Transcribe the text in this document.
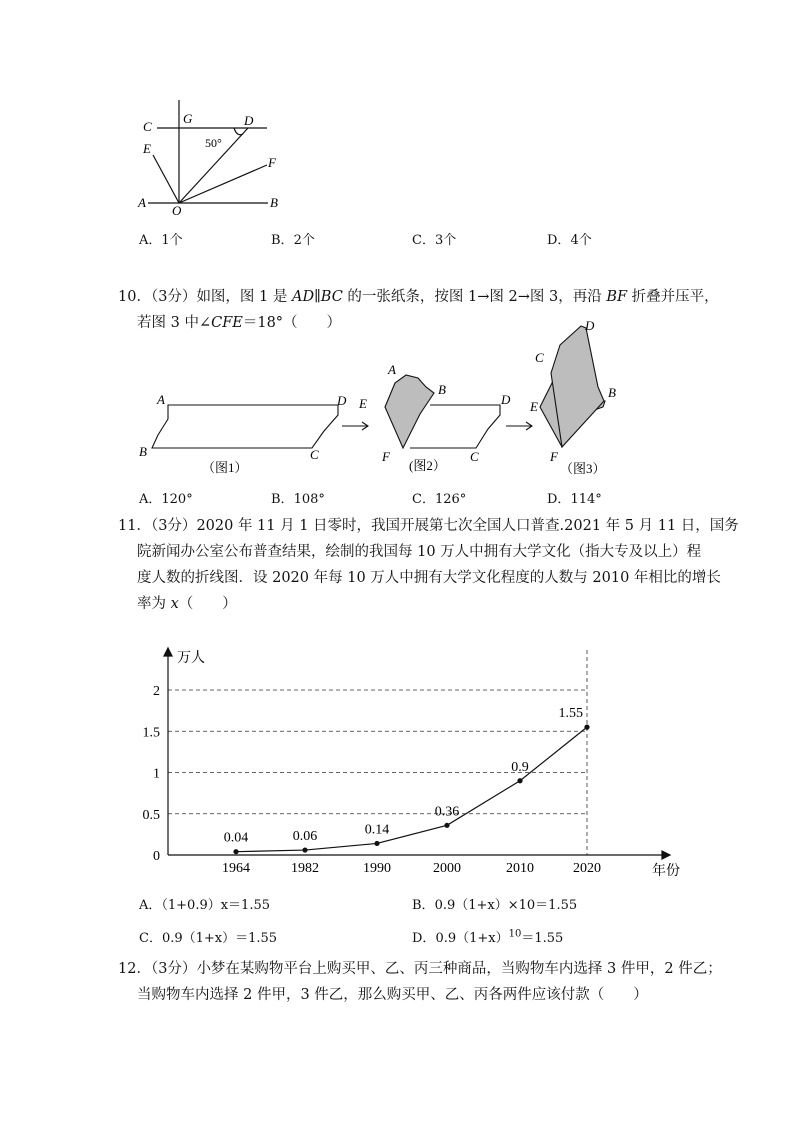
C
G	D
E
F
A
O
B
50°
A．1个	B．2个	C．3个	D．4个
10．（3分）如图，图 1 是 AD∥BC 的一张纸条，按图 1→图 2→图 3，再沿 BF 折叠并压平，
若图 3 中∠CFE＝18°（　　）
A	D
B	C
A
B
E	D
F	C
D
C
E
B
F
（图1）	(图2）	（图3）
A．120°	B．108°	C．126°	D．114°
11．（3分）2020 年 11 月 1 日零时，我国开展第七次全国人口普查.2021 年 5 月 11 日，国务
院新闻办公室公布普查结果，绘制的我国每 10 万人中拥有大学文化（指大专及以上）程
度人数的折线图．设 2020 年每 10 万人中拥有大学文化程度的人数与 2010 年相比的增长
率为 x（　　）
万人
年份
0
0.5
1
1.5
2
1964	1982	1990	2000	2010	2020
0.04	0.06	0.14
0.36
0.9
1.55
A．（1+0.9）x＝1.55	B．0.9（1+x）×10＝1.55
C．0.9（1+x）＝1.55	D．$0.9(1+x)^{10}=1.55$
12．（3分）小梦在某购物平台上购买甲、乙、丙三种商品，当购物车内选择 3 件甲，2 件乙；
当购物车内选择 2 件甲，3 件乙，那么购买甲、乙、丙各两件应该付款（　　）
